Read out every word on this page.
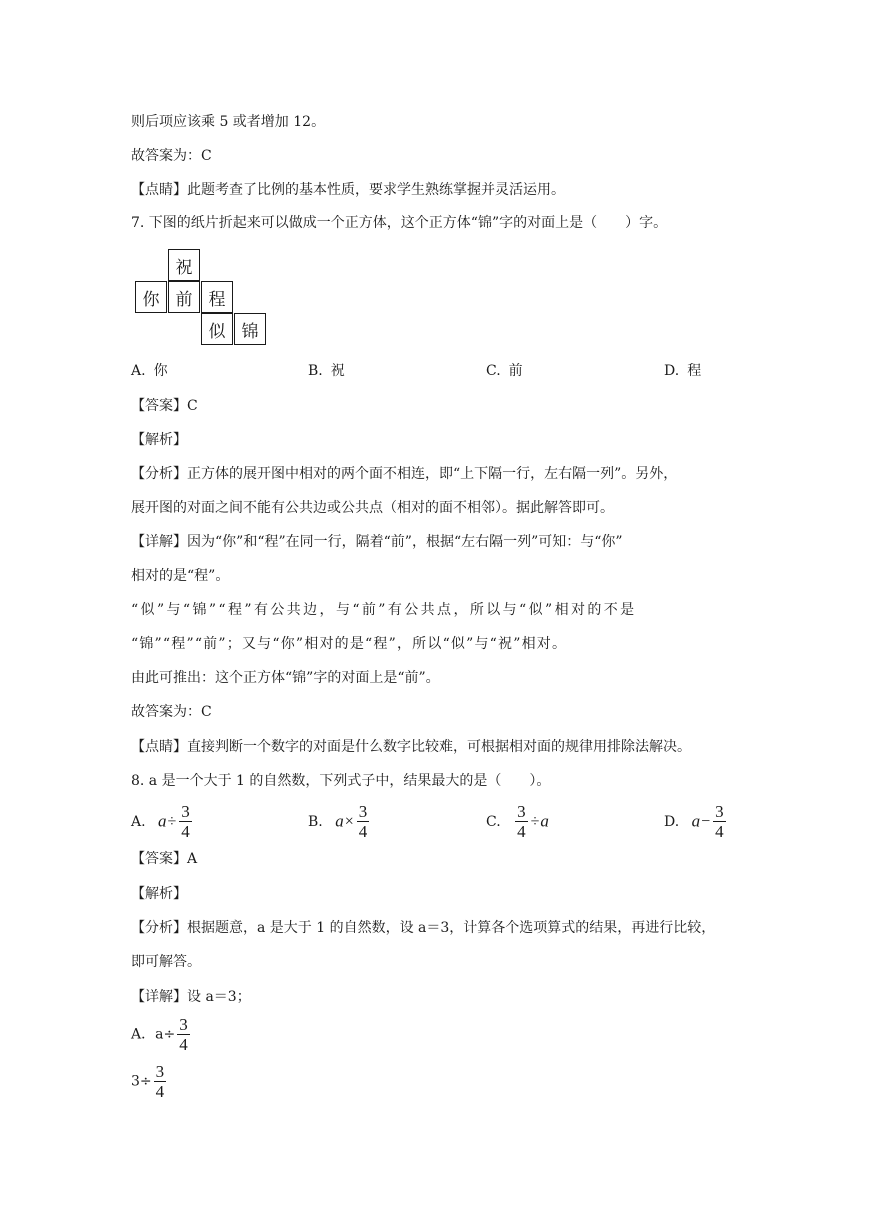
则后项应该乘 5 或者增加 12。
故答案为：C
【点睛】此题考查了比例的基本性质，要求学生熟练掌握并灵活运用。
7. 下图的纸片折起来可以做成一个正方体，这个正方体“锦”字的对面上是（　　）字。
祝
你 前 程
似 锦
A. 你	B. 祝	C. 前	D. 程
【答案】C
【解析】
【分析】正方体的展开图中相对的两个面不相连，即“上下隔一行，左右隔一列”。另外，
展开图的对面之间不能有公共边或公共点（相对的面不相邻）。据此解答即可。
【详解】因为“你”和“程”在同一行，隔着“前”，根据“左右隔一列”可知：与“你”
相对的是“程”。
“似”与“锦”“程”有公共边，与“前”有公共点，所以与“似”相对的不是
“锦”“程”“前”；又与“你”相对的是“程”，所以“似”与“祝”相对。
由此可推出：这个正方体“锦”字的对面上是“前”。
故答案为：C
【点睛】直接判断一个数字的对面是什么数字比较难，可根据相对面的规律用排除法解决。
8. a 是一个大于 1 的自然数，下列式子中，结果最大的是（　　）。
A. $a\div \frac{3}{4}$	B. $a\times \frac{3}{4}$	C. $\frac{3}{4} \div a$	D. $a- \frac{3}{4}$
【答案】A
【解析】
【分析】根据题意，a 是大于 1 的自然数，设 a＝3，计算各个选项算式的结果，再进行比较，
即可解答。
【详解】设 a＝3；
A．$a\div \frac{3}{4}$
$3\div \frac{3}{4}$
